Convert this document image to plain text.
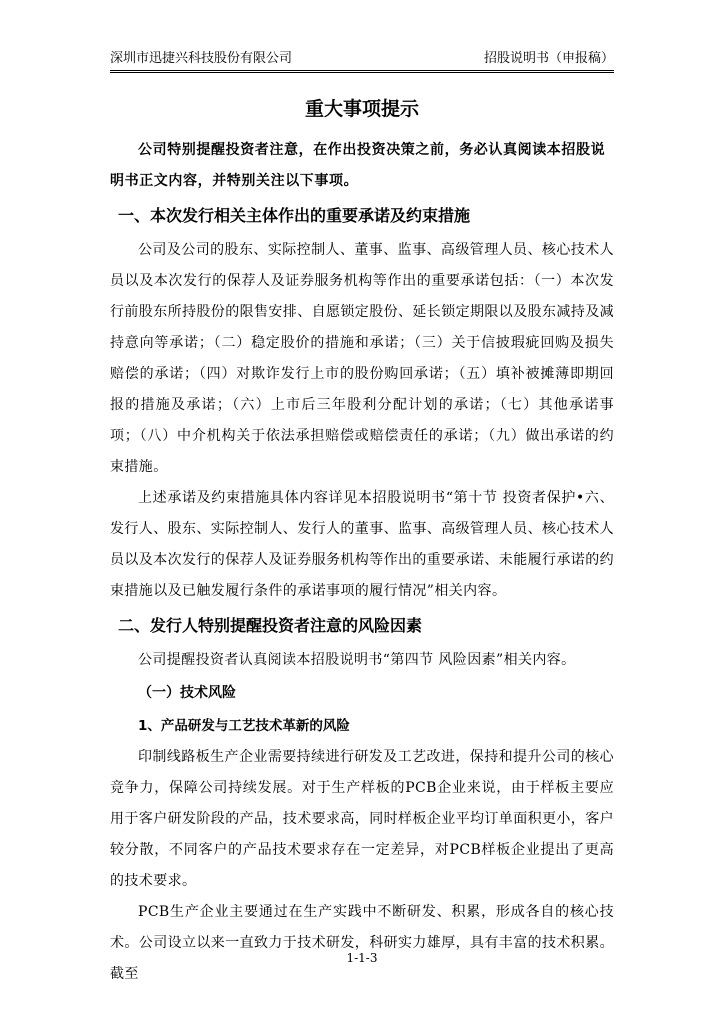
深圳市迅捷兴科技股份有限公司	招股说明书（申报稿）
重大事项提示

公司特别提醒投资者注意，在作出投资决策之前，务必认真阅读本招股说明书正文内容，并特别关注以下事项。

一、本次发行相关主体作出的重要承诺及约束措施

公司及公司的股东、实际控制人、董事、监事、高级管理人员、核心技术人员以及本次发行的保荐人及证券服务机构等作出的重要承诺包括：（一）本次发行前股东所持股份的限售安排、自愿锁定股份、延长锁定期限以及股东减持及减持意向等承诺；（二）稳定股价的措施和承诺；（三）关于信披瑕疵回购及损失赔偿的承诺；（四）对欺诈发行上市的股份购回承诺；（五）填补被摊薄即期回报的措施及承诺；（六）上市后三年股利分配计划的承诺；（七）其他承诺事项；（八）中介机构关于依法承担赔偿或赔偿责任的承诺；（九）做出承诺的约束措施。

上述承诺及约束措施具体内容详见本招股说明书“第十节 投资者保护•六、发行人、股东、实际控制人、发行人的董事、监事、高级管理人员、核心技术人员以及本次发行的保荐人及证券服务机构等作出的重要承诺、未能履行承诺的约束措施以及已触发履行条件的承诺事项的履行情况”相关内容。

二、发行人特别提醒投资者注意的风险因素

公司提醒投资者认真阅读本招股说明书“第四节 风险因素”相关内容。

（一）技术风险
1、产品研发与工艺技术革新的风险

印制线路板生产企业需要持续进行研发及工艺改进，保持和提升公司的核心竞争力，保障公司持续发展。对于生产样板的PCB企业来说，由于样板主要应用于客户研发阶段的产品，技术要求高，同时样板企业平均订单面积更小，客户较分散，不同客户的产品技术要求存在一定差异，对PCB样板企业提出了更高的技术要求。

PCB生产企业主要通过在生产实践中不断研发、积累，形成各自的核心技术。公司设立以来一直致力于技术研发，科研实力雄厚，具有丰富的技术积累。截至

1-1-3
